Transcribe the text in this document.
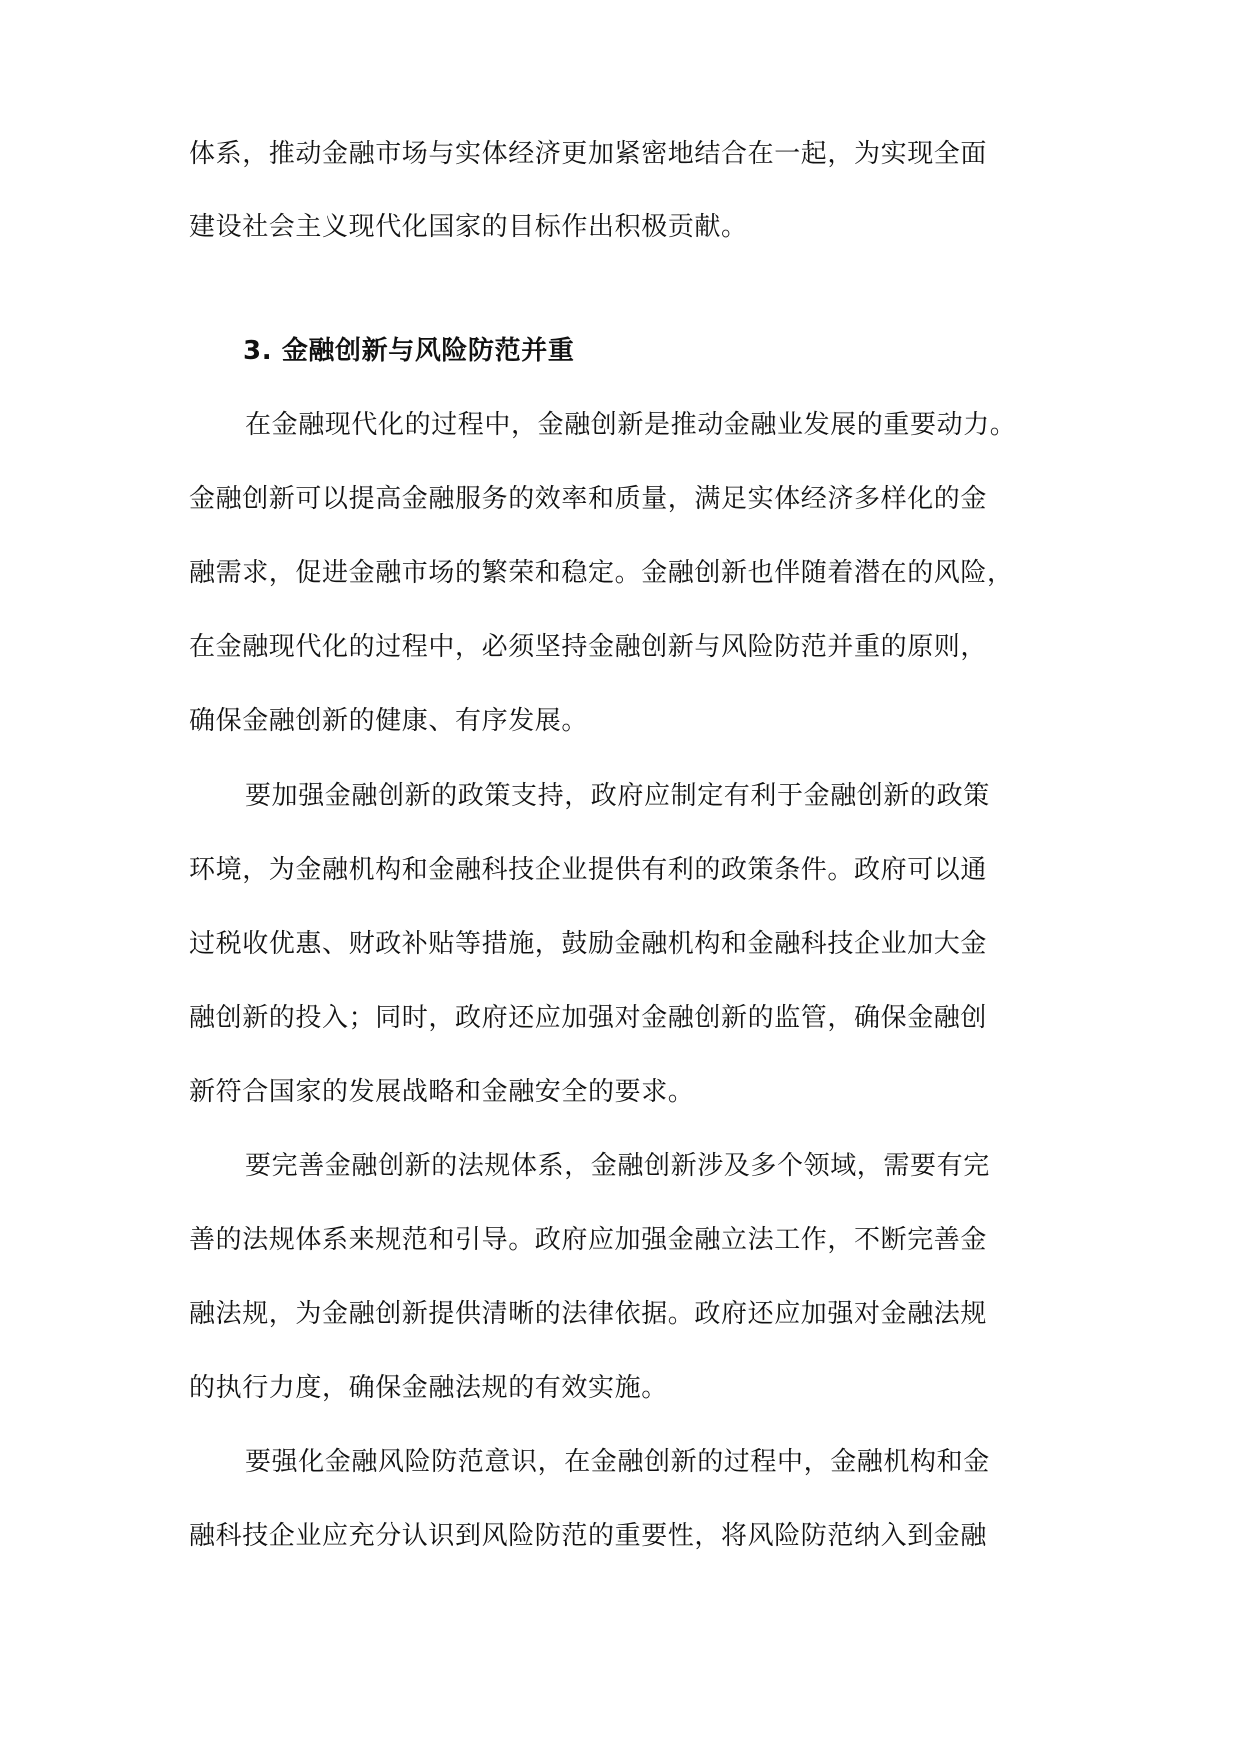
体系，推动金融市场与实体经济更加紧密地结合在一起，为实现全面
建设社会主义现代化国家的目标作出积极贡献。
3. 金融创新与风险防范并重
在金融现代化的过程中，金融创新是推动金融业发展的重要动力。
金融创新可以提高金融服务的效率和质量，满足实体经济多样化的金
融需求，促进金融市场的繁荣和稳定。金融创新也伴随着潜在的风险，
在金融现代化的过程中，必须坚持金融创新与风险防范并重的原则，
确保金融创新的健康、有序发展。
要加强金融创新的政策支持，政府应制定有利于金融创新的政策
环境，为金融机构和金融科技企业提供有利的政策条件。政府可以通
过税收优惠、财政补贴等措施，鼓励金融机构和金融科技企业加大金
融创新的投入；同时，政府还应加强对金融创新的监管，确保金融创
新符合国家的发展战略和金融安全的要求。
要完善金融创新的法规体系，金融创新涉及多个领域，需要有完
善的法规体系来规范和引导。政府应加强金融立法工作，不断完善金
融法规，为金融创新提供清晰的法律依据。政府还应加强对金融法规
的执行力度，确保金融法规的有效实施。
要强化金融风险防范意识，在金融创新的过程中，金融机构和金
融科技企业应充分认识到风险防范的重要性，将风险防范纳入到金融
